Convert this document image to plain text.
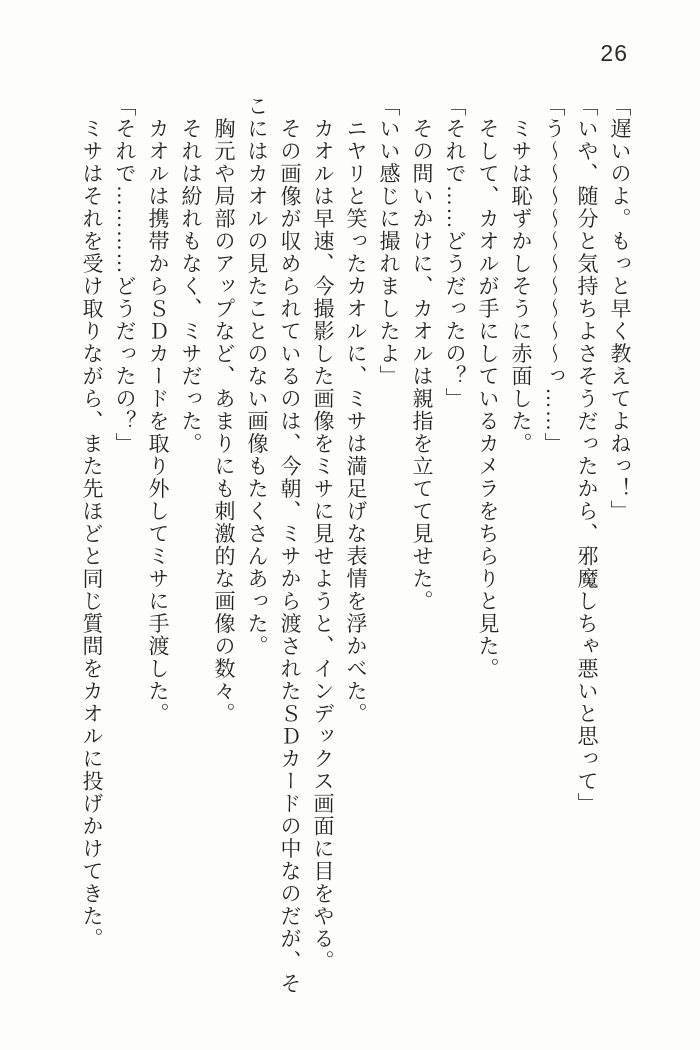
26

「遅いのよ。もっと早く教えてよねっ！」

「いや、随分と気持ちよさそうだったから、邪魔しちゃ悪いと思って」

「う～～～～～～～～～～っ……」

　ミサは恥ずかしそうに赤面した。

　そして、カオルが手にしているカメラをちらりと見た。

「それで……どうだったの？」

　その問いかけに、カオルは親指を立てて見せた。

「いい感じに撮れましたよ」

　ニヤリと笑ったカオルに、ミサは満足げな表情を浮かべた。

　カオルは早速、今撮影した画像をミサに見せようと、インデックス画面に目をやる。

　その画像が収められているのは、今朝、ミサから渡されたＳＤカードの中なのだが、そ

こにはカオルの見たことのない画像もたくさんあった。

　胸元や局部のアップなど、あまりにも刺激的な画像の数々。

　それは紛れもなく、ミサだった。

　カオルは携帯からＳＤカードを取り外してミサに手渡した。

「それで…………どうだったの？」

　ミサはそれを受け取りながら、また先ほどと同じ質問をカオルに投げかけてきた。
